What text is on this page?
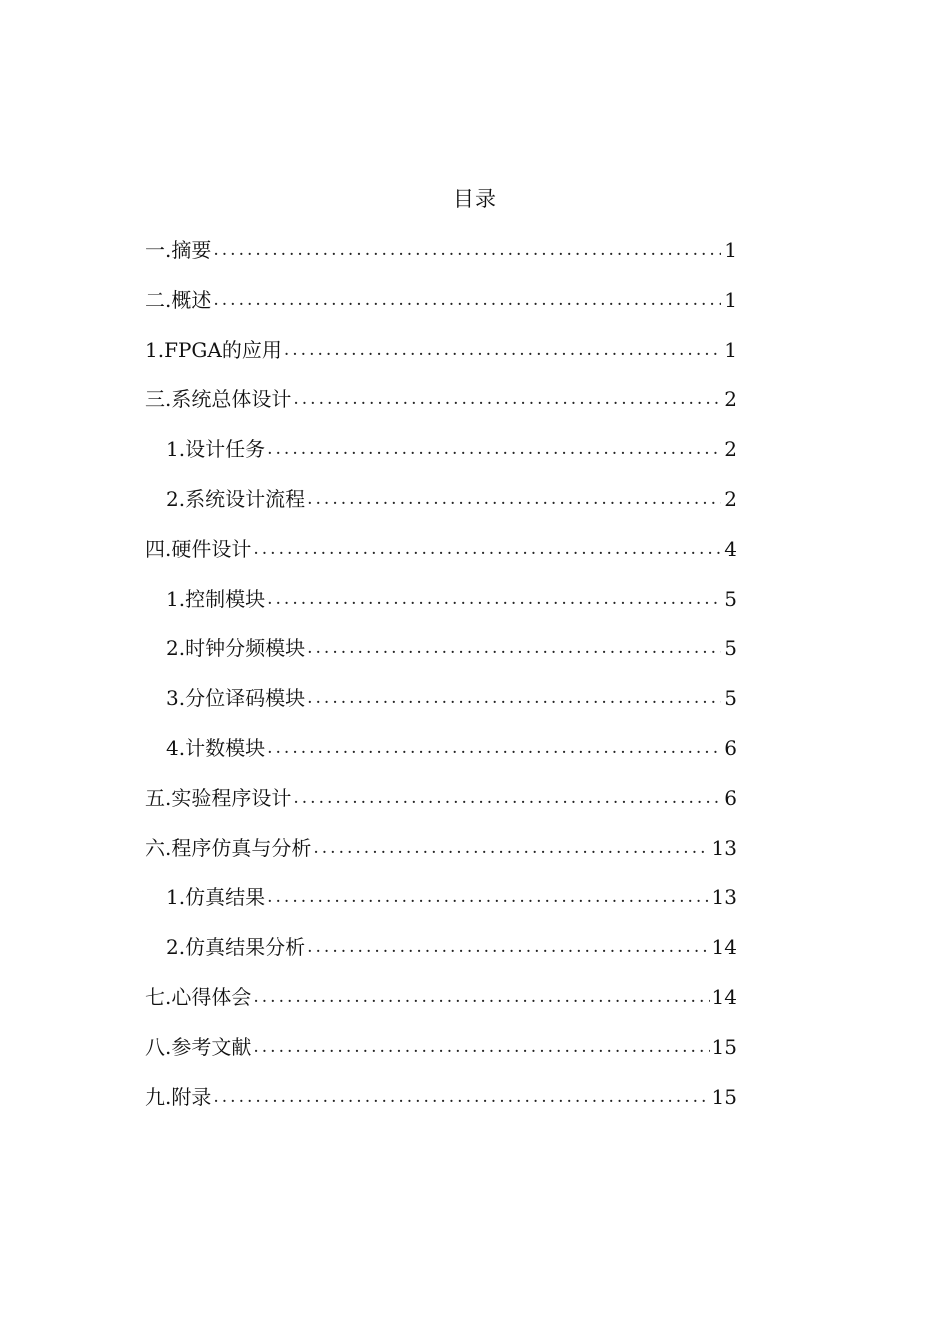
目录
一.摘要 . . .	1
二.概述 . . .	1
1.FPGA的应用 . . .	1
三.系统总体设计 . . .	2
1.设计任务 . . .	2
2.系统设计流程 . . .	2
四.硬件设计 . . .	4
1.控制模块 . . .	5
2.时钟分频模块 . . .	5
3.分位译码模块 . . .	5
4.计数模块 . . .	6
五.实验程序设计 . . .	6
六.程序仿真与分析 . . .	13
1.仿真结果 . . .	13
2.仿真结果分析 . . .	14
七.心得体会 . . .	14
八.参考文献 . . .	15
九.附录 . . .	15
